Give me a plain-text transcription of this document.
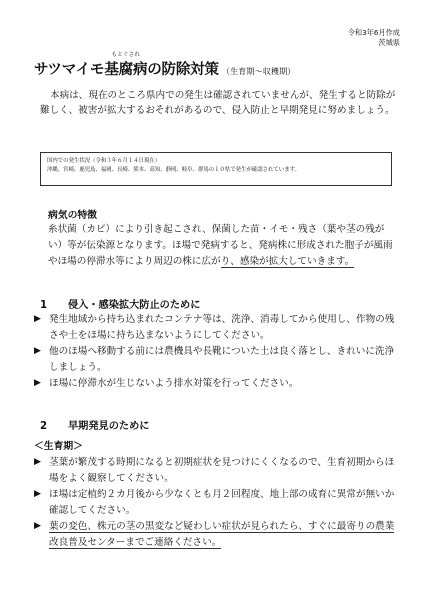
令和3年6月作成
茨城県
サツマイモ
もとぐされ
基腐病の防除対策 （生育期～収穫期）
本病は、現在のところ県内での発生は確認されていませんが、発生すると防除が難しく、被害が拡大するおそれがあるので、侵入防止と早期発見に努めましょう。
国内での発生状況（令和３年６月１４日現在）
沖縄、宮崎、鹿児島、福岡、長崎、熊本、高知、静岡、岐阜、群馬の１０県で発生が確認されています。
病気の特徴
糸状菌（カビ）により引き起こされ、保菌した苗・イモ・残さ（葉や茎の残がい）等が伝染源となります。ほ場で発病すると、発病株に形成された胞子が風雨やほ場の停滞水等により周辺の株に広がり、感染が拡大していきます。
1 侵入・感染拡大防止のために
▶ 発生地域から持ち込まれたコンテナ等は、洗浄、消毒してから使用し、作物の残さや土をほ場に持ち込まないようにしてください。
▶ 他のほ場へ移動する前には農機具や長靴についた土は良く落とし、きれいに洗浄しましょう。
▶ ほ場に停滞水が生じないよう排水対策を行ってください。
2 早期発見のために
＜生育期＞
▶ 茎葉が繁茂する時期になると初期症状を見つけにくくなるので、生育初期からほ場をよく観察してください。
▶ ほ場は定植約２カ月後から少なくとも月２回程度、地上部の成育に異常が無いか確認してください。
▶ 葉の変色、株元の茎の黒変など疑わしい症状が見られたら、すぐに最寄りの農業改良普及センターまでご連絡ください。
